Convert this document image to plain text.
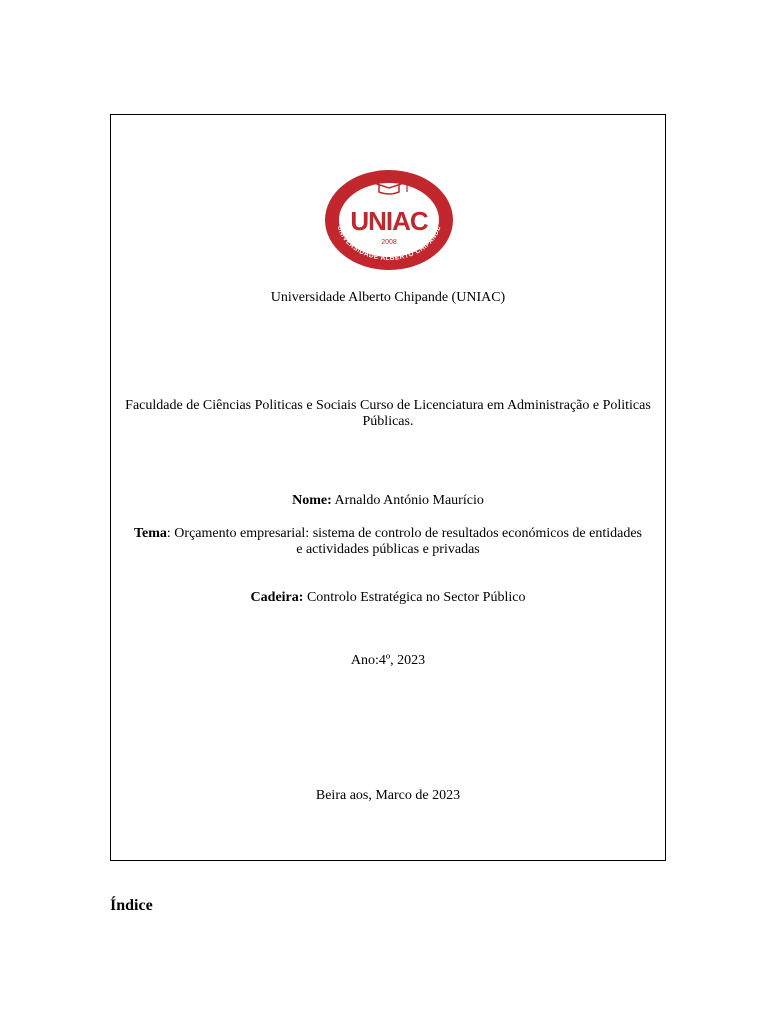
UNIAC
2008
UNIVERSIDADE ALBERTO CHIPANDE
Universidade Alberto Chipande (UNIAC)
Faculdade de Ciências Politicas e Sociais Curso de Licenciatura em Administração e Politicas Públicas.
Nome: Arnaldo António Maurício
Tema: Orçamento empresarial: sistema de controlo de resultados económicos de entidades e actividades públicas e privadas
Cadeira: Controlo Estratégica no Sector Público
Ano:4º, 2023
Beira aos, Marco de 2023
Índice
